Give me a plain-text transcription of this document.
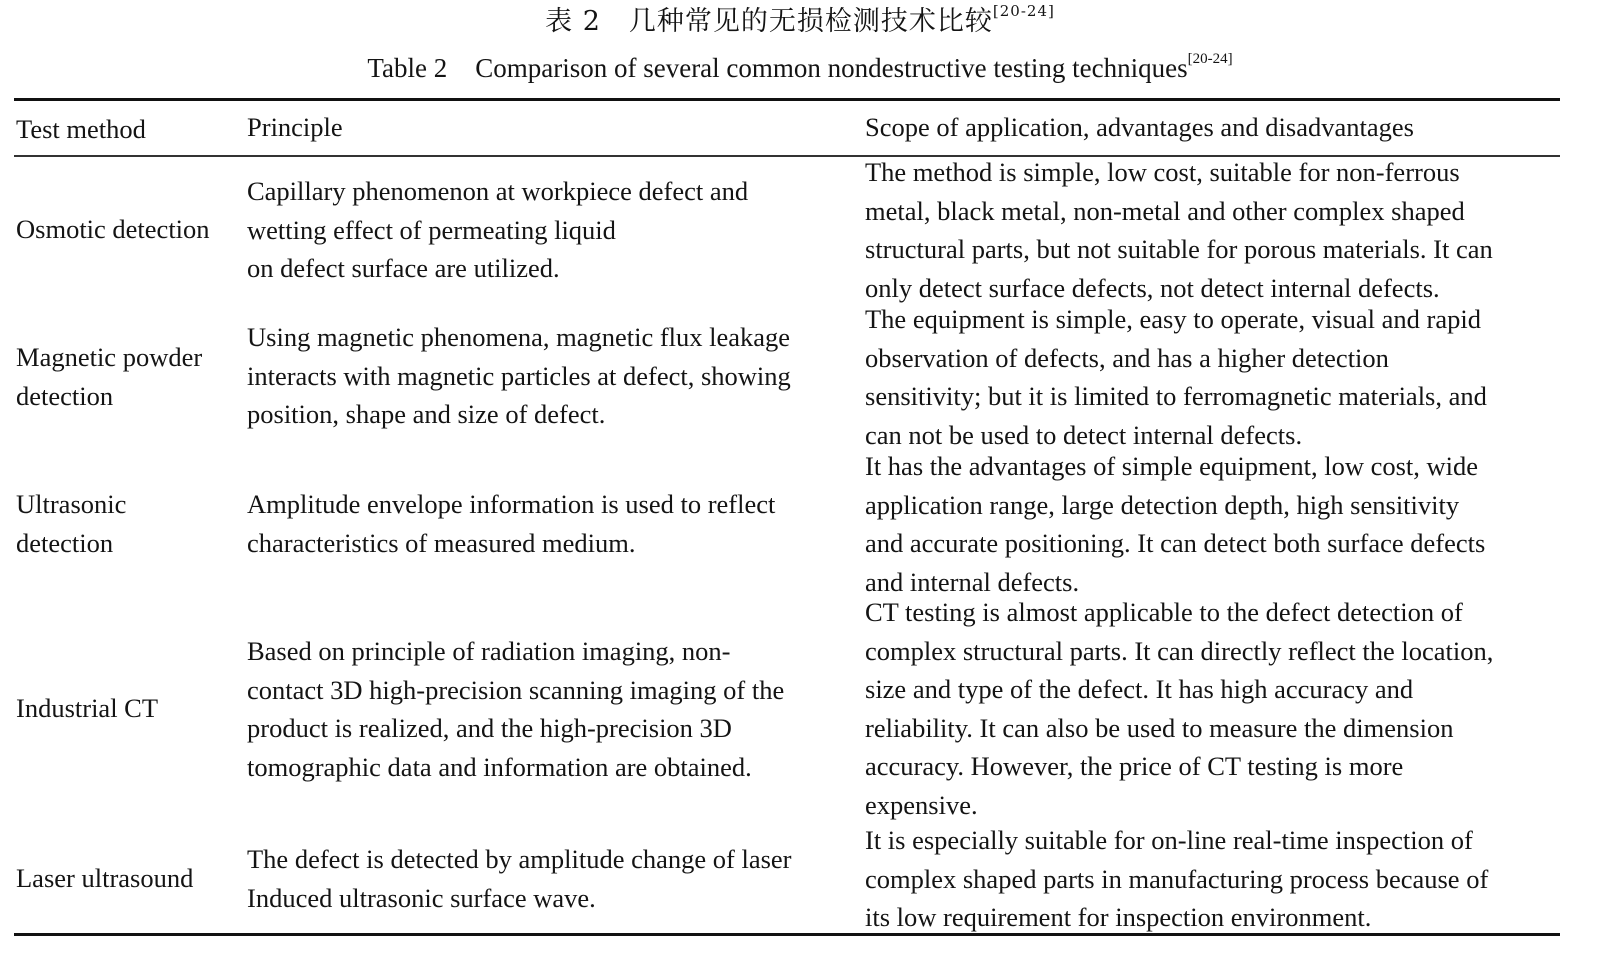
表 2 几种常见的无损检测技术比较[20-24]
Table 2 Comparison of several common nondestructive testing techniques[20-24]
Test method	Principle	Scope of application, advantages and disadvantages
Osmotic detection
Capillary phenomenon at workpiece defect and
wetting effect of permeating liquid
on defect surface are utilized.
The method is simple, low cost, suitable for non-ferrous
metal, black metal, non-metal and other complex shaped
structural parts, but not suitable for porous materials. It can
only detect surface defects, not detect internal defects.
Magnetic powder
detection
Using magnetic phenomena, magnetic flux leakage
interacts with magnetic particles at defect, showing
position, shape and size of defect.
The equipment is simple, easy to operate, visual and rapid
observation of defects, and has a higher detection
sensitivity; but it is limited to ferromagnetic materials, and
can not be used to detect internal defects.
Ultrasonic
detection
Amplitude envelope information is used to reflect
characteristics of measured medium.
It has the advantages of simple equipment, low cost, wide
application range, large detection depth, high sensitivity
and accurate positioning. It can detect both surface defects
and internal defects.
Industrial CT
Based on principle of radiation imaging, non-
contact 3D high-precision scanning imaging of the
product is realized, and the high-precision 3D
tomographic data and information are obtained.
CT testing is almost applicable to the defect detection of
complex structural parts. It can directly reflect the location,
size and type of the defect. It has high accuracy and
reliability. It can also be used to measure the dimension
accuracy. However, the price of CT testing is more
expensive.
Laser ultrasound
The defect is detected by amplitude change of laser
Induced ultrasonic surface wave.
It is especially suitable for on-line real-time inspection of
complex shaped parts in manufacturing process because of
its low requirement for inspection environment.
